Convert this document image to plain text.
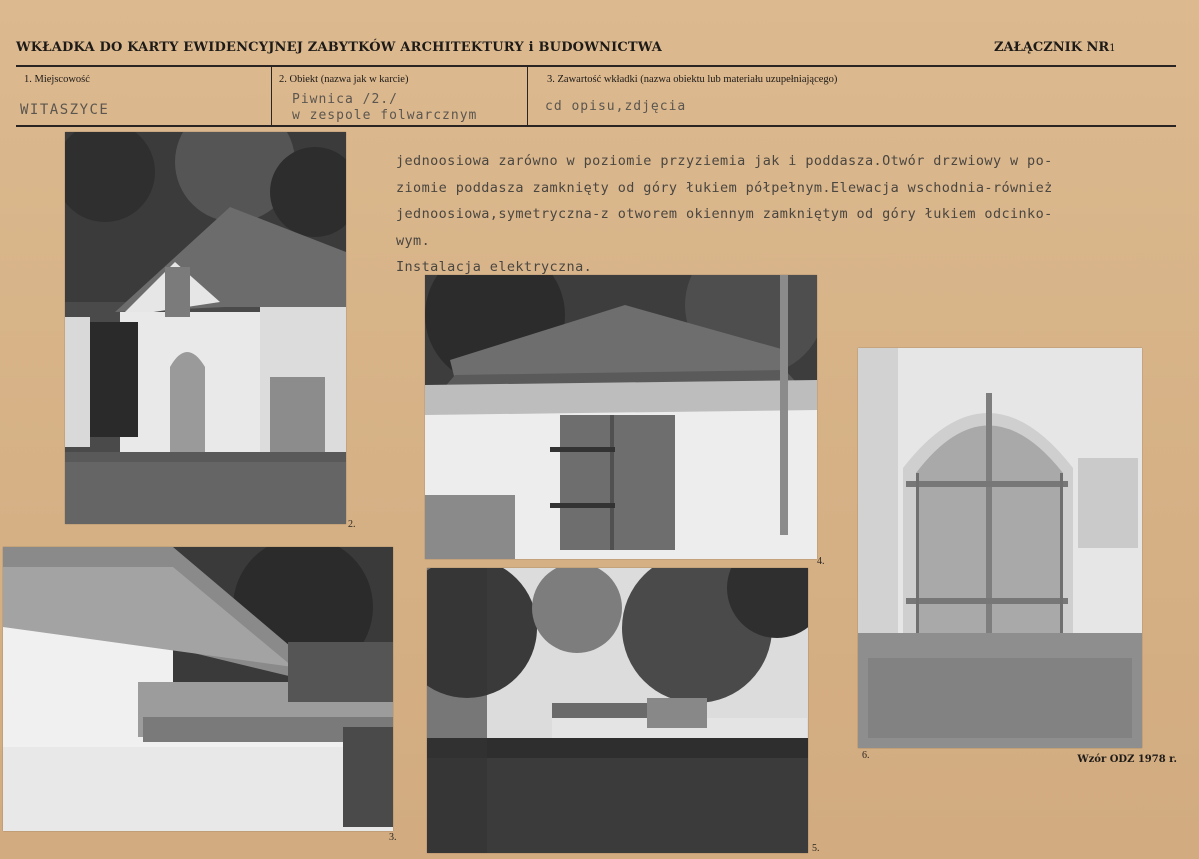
WKŁADKA DO KARTY EWIDENCYJNEJ ZABYTKÓW ARCHITEKTURY i BUDOWNICTWA	ZAŁĄCZNIK NR1
1. Miejscowość
WITASZYCE
2. Obiekt (nazwa jak w karcie)
Piwnica /2./
w zespole folwarcznym
3. Zawartość wkładki (nazwa obiektu lub materiału uzupełniającego)
cd opisu,zdjęcia
jednoosiowa zarówno w poziomie przyziemia jak i poddasza.Otwór drzwiowy w po-
ziomie poddasza zamknięty od góry łukiem półpełnym.Elewacja wschodnia-również
jednoosiowa,symetryczna-z otworem okiennym zamkniętym od góry łukiem odcinko-
wym.
Instalacja elektryczna.
2.
3.
4.
5.
6.	Wzór ODZ 1978 r.
